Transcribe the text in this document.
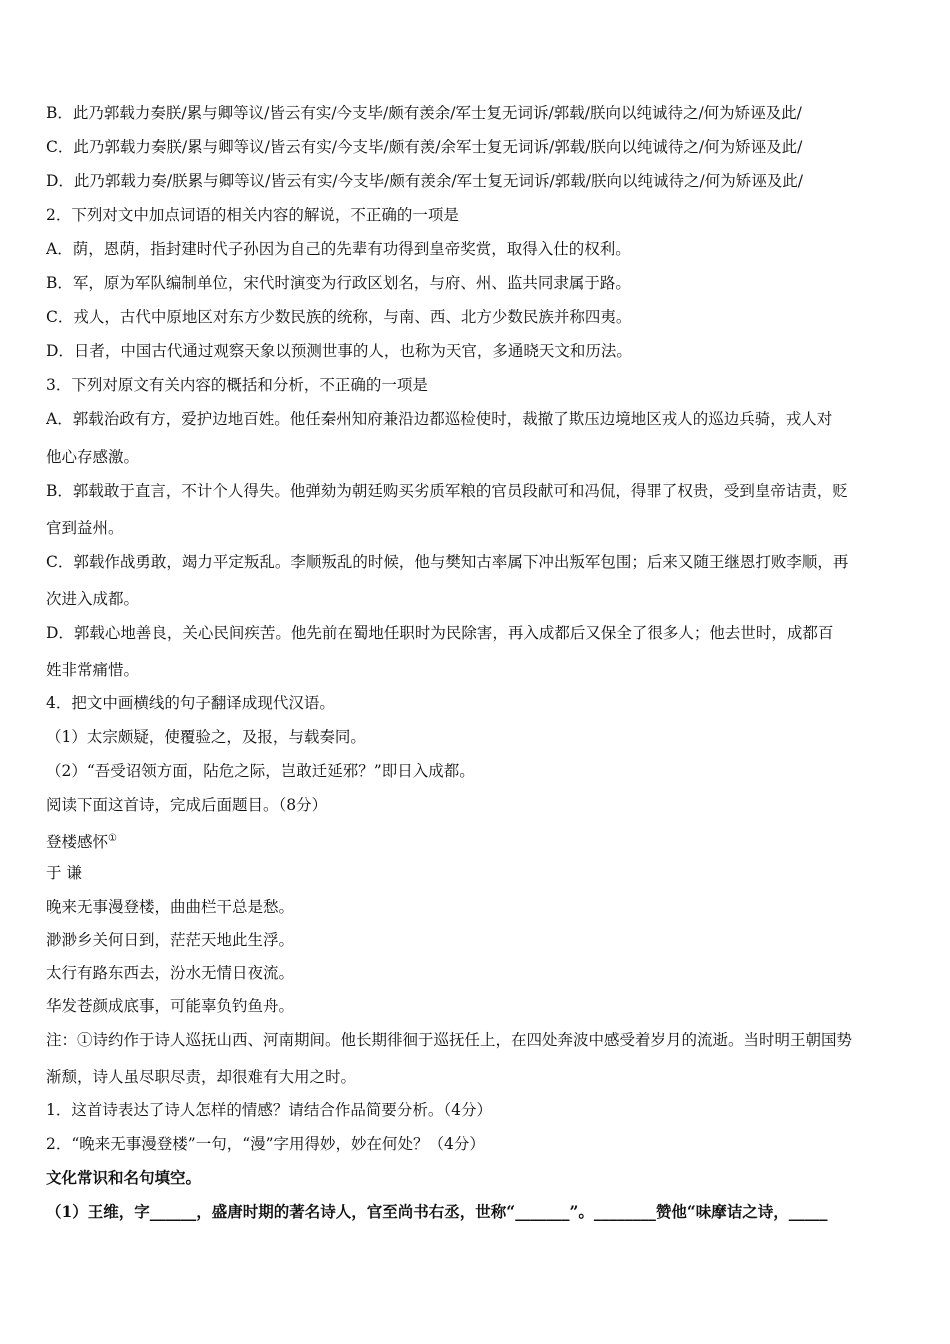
B．此乃郭载力奏朕/累与卿等议/皆云有实/今支毕/颇有羡余/军士复无词诉/郭载/朕向以纯诚待之/何为矫诬及此/
C．此乃郭载力奏朕/累与卿等议/皆云有实/今支毕/颇有羡/余军士复无词诉/郭载/朕向以纯诚待之/何为矫诬及此/
D．此乃郭载力奏/朕累与卿等议/皆云有实/今支毕/颇有羡余/军士复无词诉/郭载/朕向以纯诚待之/何为矫诬及此/
2．下列对文中加点词语的相关内容的解说，不正确的一项是
A．荫，恩荫，指封建时代子孙因为自己的先辈有功得到皇帝奖赏，取得入仕的权利。
B．军，原为军队编制单位，宋代时演变为行政区划名，与府、州、监共同隶属于路。
C．戎人，古代中原地区对东方少数民族的统称，与南、西、北方少数民族并称四夷。
D．日者，中国古代通过观察天象以预测世事的人，也称为天官，多通晓天文和历法。
3．下列对原文有关内容的概括和分析，不正确的一项是
A．郭载治政有方，爱护边地百姓。他任秦州知府兼沿边都巡检使时，裁撤了欺压边境地区戎人的巡边兵骑，戎人对
他心存感激。
B．郭载敢于直言，不计个人得失。他弹劾为朝廷购买劣质军粮的官员段献可和冯侃，得罪了权贵，受到皇帝诘责，贬
官到益州。
C．郭载作战勇敢，竭力平定叛乱。李顺叛乱的时候，他与樊知古率属下冲出叛军包围；后来又随王继恩打败李顺，再
次进入成都。
D．郭载心地善良，关心民间疾苦。他先前在蜀地任职时为民除害，再入成都后又保全了很多人；他去世时，成都百
姓非常痛惜。
4．把文中画横线的句子翻译成现代汉语。
（1）太宗颇疑，使覆验之，及报，与载奏同。
（2）“吾受诏领方面，阽危之际，岂敢迁延邪？”即日入成都。
阅读下面这首诗，完成后面题目。（8分）
登楼感怀①
于 谦
晚来无事漫登楼，曲曲栏干总是愁。
渺渺乡关何日到，茫茫天地此生浮。
太行有路东西去，汾水无情日夜流。
华发苍颜成底事，可能辜负钓鱼舟。
注：①诗约作于诗人巡抚山西、河南期间。他长期徘徊于巡抚任上，在四处奔波中感受着岁月的流逝。当时明王朝国势
渐颓，诗人虽尽职尽责，却很难有大用之时。
1．这首诗表达了诗人怎样的情感？请结合作品简要分析。（4分）
2．“晚来无事漫登楼”一句，“漫”字用得妙，妙在何处？（4分）
文化常识和名句填空。
（1）王维，字______，盛唐时期的著名诗人，官至尚书右丞，世称“_______”。________赞他“味摩诘之诗，_____
